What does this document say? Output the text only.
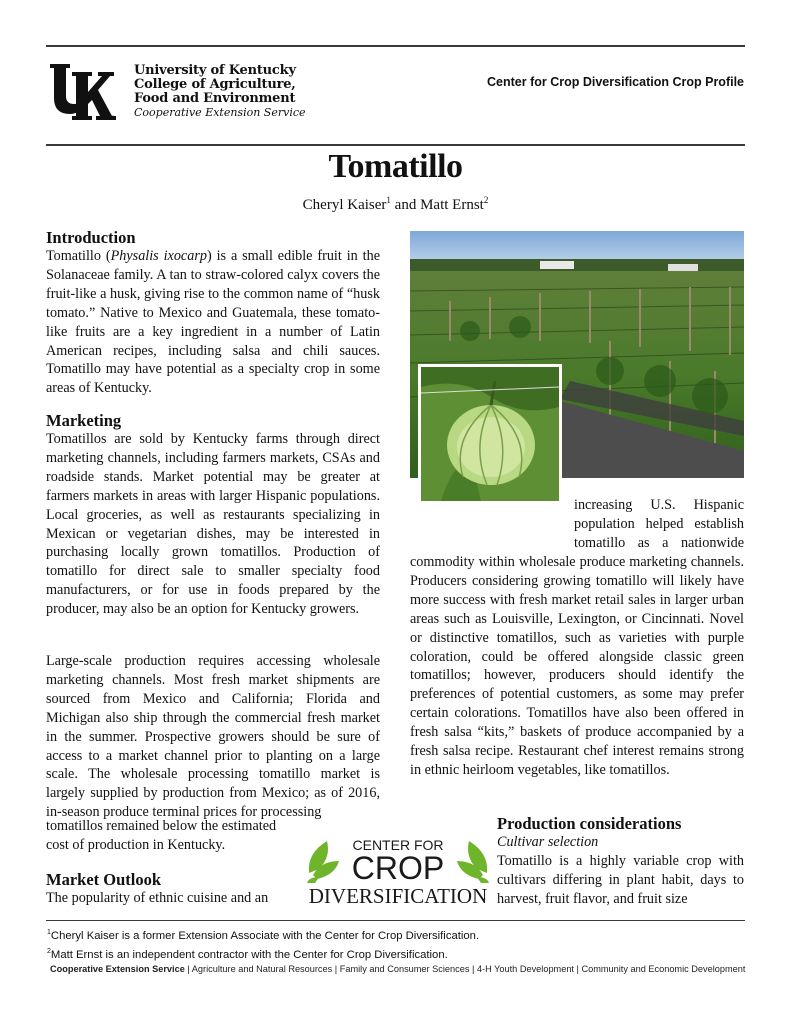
®
University of Kentucky
College of Agriculture,
Food and Environment
Cooperative Extension Service
Center for Crop Diversification Crop Profile
Tomatillo
Cheryl Kaiser$^1$ and Matt Ernst$^2$
Introduction

Tomatillo (Physalis ixocarp) is a small edible fruit in the Solanaceae family. A tan to straw-colored calyx covers the fruit-like a husk, giving rise to the common name of “husk tomato.” Native to Mexico and Guatemala, these tomato-like fruits are a key ingredient in a number of Latin American recipes, including salsa and chili sauces. Tomatillo may have potential as a specialty crop in some areas of Kentucky.

Marketing

Tomatillos are sold by Kentucky farms through direct marketing channels, including farmers markets, CSAs and roadside stands. Market potential may be greater at farmers markets in areas with larger Hispanic populations. Local groceries, as well as restaurants specializing in Mexican or vegetarian dishes, may be interested in purchasing locally grown tomatillos. Production of tomatillo for direct sale to smaller specialty food manufacturers, or for use in foods prepared by the producer, may also be an option for Kentucky growers.

Large-scale production requires accessing wholesale marketing channels. Most fresh market shipments are sourced from Mexico and California; Florida and Michigan also ship through the commercial fresh market in the summer. Prospective growers should be sure of access to a market channel prior to planting on a large scale. The wholesale processing tomatillo market is largely supplied by production from Mexico; as of 2016, in-season produce terminal prices for processing

tomatillos remained below the estimated
cost of production in Kentucky.
Market Outlook
The popularity of ethnic cuisine and an
increasing U.S. Hispanic
population helped establish
tomatillo as a nationwide

commodity within wholesale produce marketing channels. Producers considering growing tomatillo will likely have more success with fresh market retail sales in larger urban areas such as Louisville, Lexington, or Cincinnati. Novel or distinctive tomatillos, such as varieties with purple coloration, could be offered alongside classic green tomatillos; however, producers should identify the preferences of potential customers, as some may prefer certain colorations. Tomatillos have also been offered in fresh salsa “kits,” baskets of produce accompanied by a fresh salsa recipe. Restaurant chef interest remains strong in ethnic heirloom vegetables, like tomatillos.

Production considerations
Cultivar selection

Tomatillo is a highly variable crop with cultivars differing in plant habit, days to harvest, fruit flavor, and fruit size

CENTER FOR
CROP
DIVERSIFICATION
$^1$Cheryl Kaiser is a former Extension Associate with the Center for Crop Diversification.
$^2$Matt Ernst is an independent contractor with the Center for Crop Diversification.
Cooperative Extension Service | Agriculture and Natural Resources | Family and Consumer Sciences | 4-H Youth Development | Community and Economic Development
